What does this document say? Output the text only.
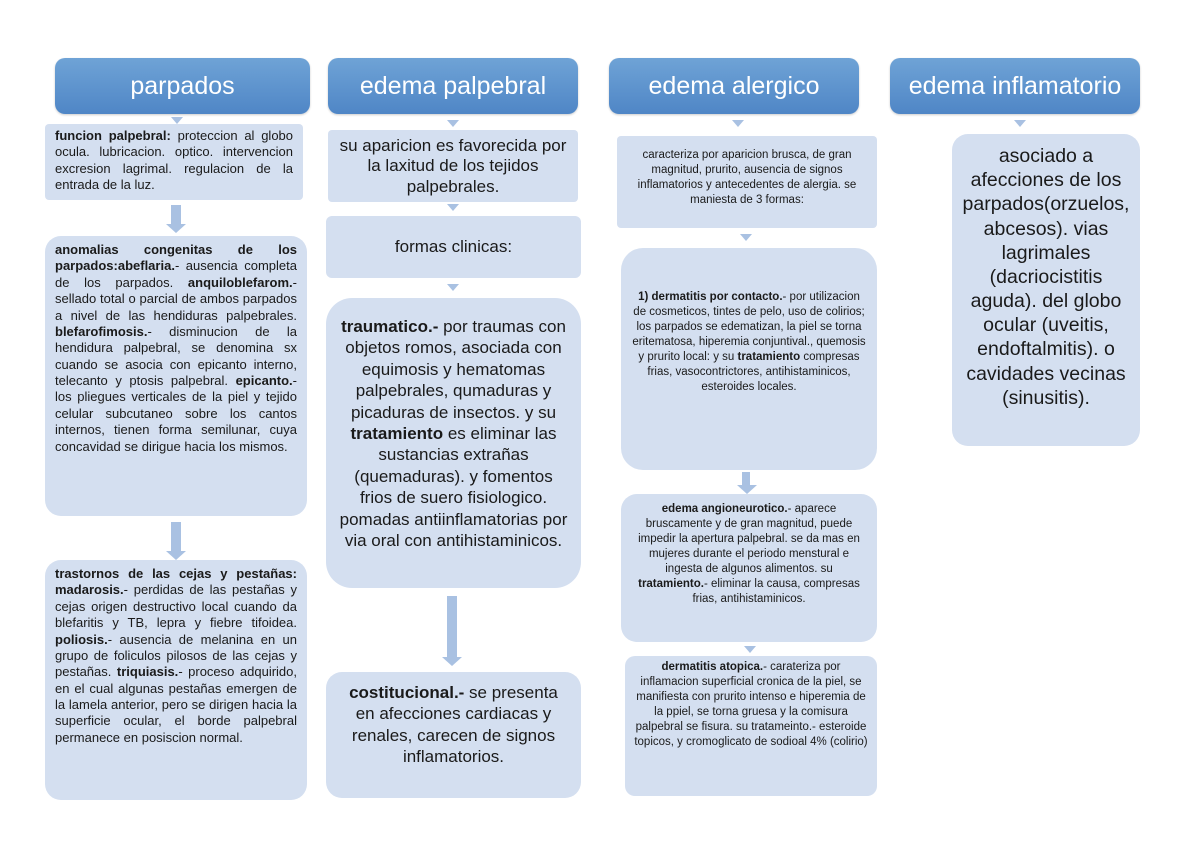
parpados
funcion palpebral: proteccion al globo ocula. lubricacion. optico. intervencion excresion lagrimal. regulacion de la entrada de la luz.
anomalias congenitas de los parpados:abeflaria.- ausencia completa de los parpados. anquiloblefarom.- sellado total o parcial de ambos parpados a nivel de las hendiduras palpebrales. blefarofimosis.- disminucion de la hendidura palpebral, se denomina sx cuando se asocia con epicanto interno, telecanto y ptosis palpebral. epicanto.- los pliegues verticales de la piel y tejido celular subcutaneo sobre los cantos internos, tienen forma semilunar, cuya concavidad se dirigue hacia los mismos.
trastornos de las cejas y pestañas: madarosis.- perdidas de las pestañas y cejas origen destructivo local cuando da blefaritis y TB, lepra y fiebre tifoidea. poliosis.- ausencia de melanina en un grupo de foliculos pilosos de las cejas y pestañas. triquiasis.- proceso adquirido, en el cual algunas pestañas emergen de la lamela anterior, pero se dirigen hacia la superficie ocular, el borde palpebral permanece en posiscion normal.
edema palpebral
su aparicion es favorecida por la laxitud de los tejidos palpebrales.
formas clinicas:
traumatico.- por traumas con objetos romos, asociada con equimosis y hematomas palpebrales, qumaduras y picaduras de insectos. y su tratamiento es eliminar las sustancias extrañas (quemaduras). y fomentos frios de suero fisiologico. pomadas antiinflamatorias por via oral con antihistaminicos.
costitucional.- se presenta en afecciones cardiacas y renales, carecen de signos inflamatorios.
edema alergico
caracteriza por aparicion brusca, de gran magnitud, prurito, ausencia de signos inflamatorios y antecedentes de alergia. se maniesta de 3 formas:
1) dermatitis por contacto.- por utilizacion de cosmeticos, tintes de pelo, uso de colirios; los parpados se edematizan, la piel se torna eritematosa, hiperemia conjuntival., quemosis y prurito local: y su tratamiento compresas frias, vasocontrictores, antihistaminicos, esteroides locales.
edema angioneurotico.- aparece bruscamente y de gran magnitud, puede impedir la apertura palpebral. se da mas en mujeres durante el periodo menstural e ingesta de algunos alimentos. su tratamiento.- eliminar la causa, compresas frias, antihistaminicos.
dermatitis atopica.- carateriza por inflamacion superficial cronica de la piel, se manifiesta con prurito intenso e hiperemia de la ppiel, se torna gruesa y la comisura palpebral se fisura. su tratameinto.- esteroide topicos, y cromoglicato de sodioal 4% (colirio)
edema inflamatorio
asociado a afecciones de los parpados(orzuelos, abcesos). vias lagrimales (dacriocistitis aguda). del globo ocular (uveitis, endoftalmitis). o cavidades vecinas (sinusitis).
